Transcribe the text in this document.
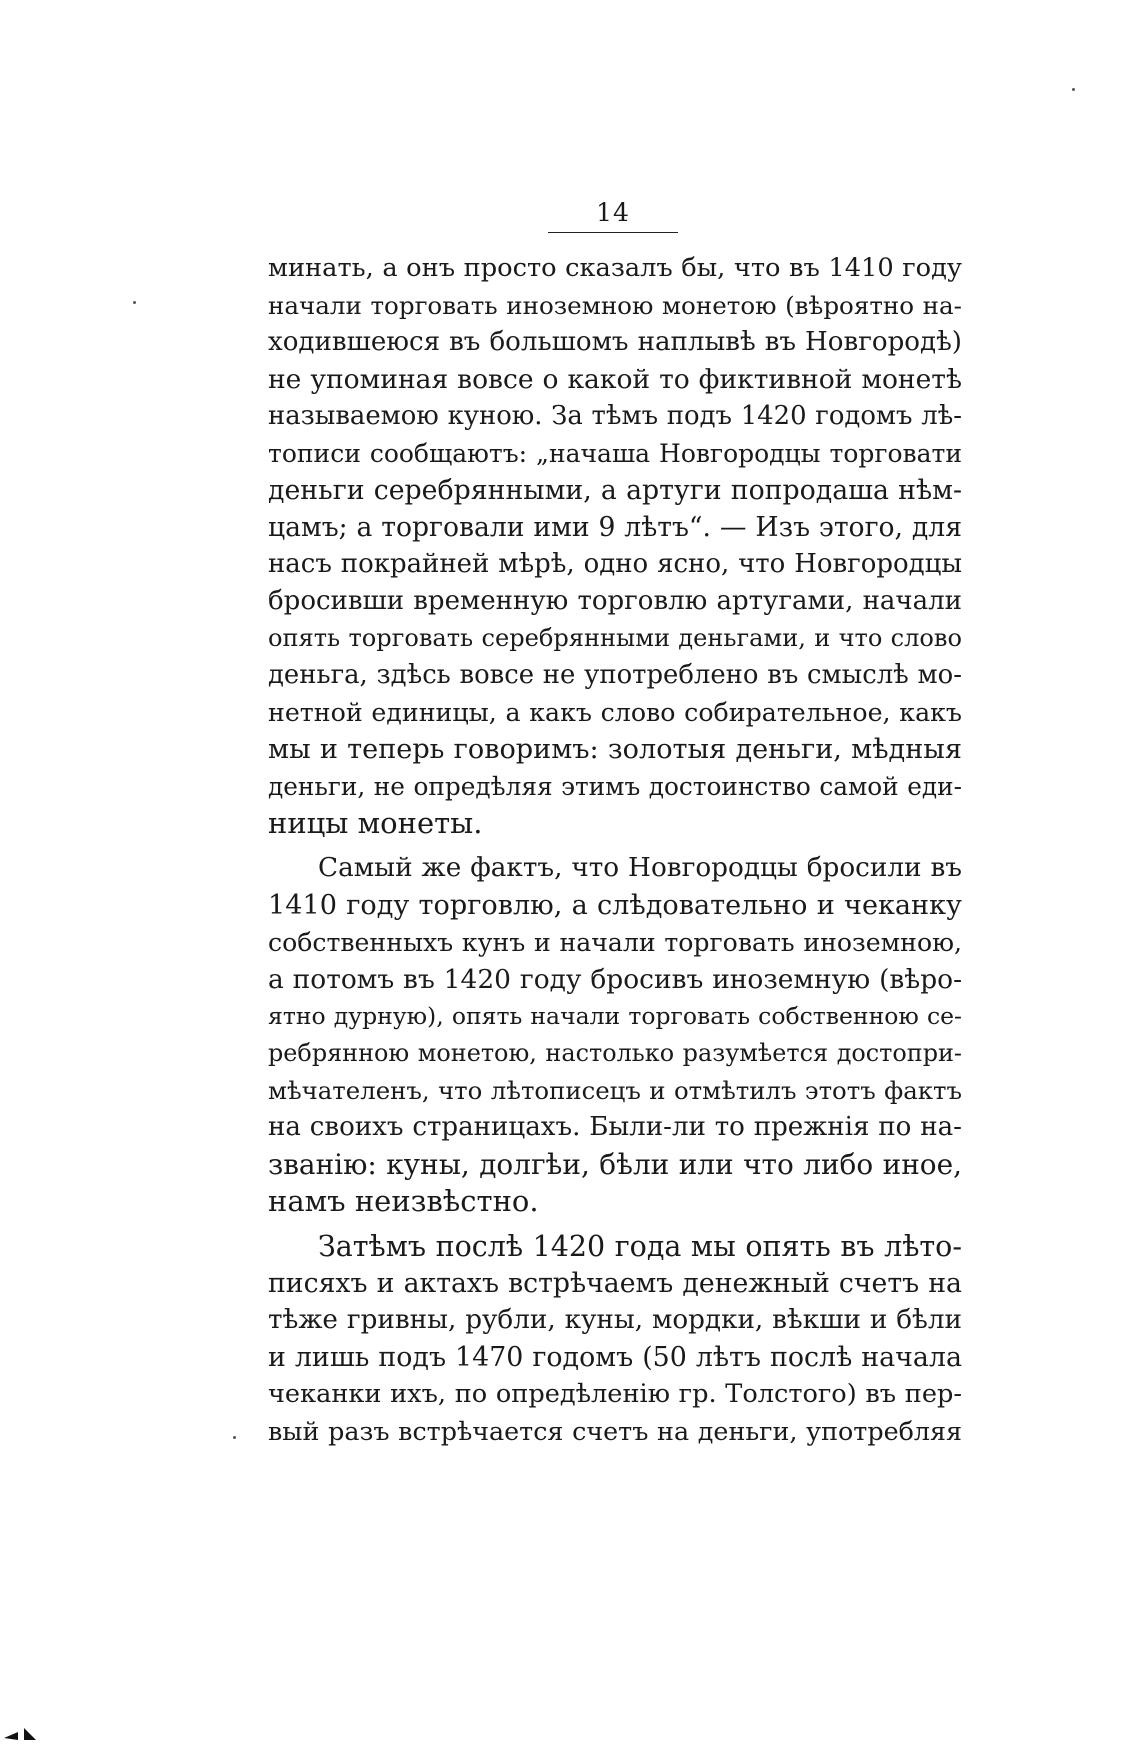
14
минать, а онъ просто сказалъ бы, что въ 1410 году
начали торговать иноземною монетою (вѣроятно на-
ходившеюся въ большомъ наплывѣ въ Новгородѣ)
не упоминая вовсе о какой то фиктивной монетѣ
называемою куною. За тѣмъ подъ 1420 годомъ лѣ-
тописи сообщаютъ: „начаша Новгородцы торговати
деньги серебрянными, а артуги попродаша нѣм-
цамъ; а торговали ими 9 лѣтъ“. — Изъ этого, для
насъ покрайней мѣрѣ, одно ясно, что Новгородцы
бросивши временную торговлю артугами, начали
опять торговать серебрянными деньгами, и что слово
деньга, здѣсь вовсе не употреблено въ смыслѣ мо-
нетной единицы, а какъ слово собирательное, какъ
мы и теперь говоримъ: золотыя деньги, мѣдныя
деньги, не опредѣляя этимъ достоинство самой еди-
ницы монеты.
Самый же фактъ, что Новгородцы бросили въ
1410 году торговлю, а слѣдовательно и чеканку
собственныхъ кунъ и начали торговать иноземною,
а потомъ въ 1420 году бросивъ иноземную (вѣро-
ятно дурную), опять начали торговать собственною се-
ребрянною монетою, настолько разумѣется достопри-
мѣчателенъ, что лѣтописецъ и отмѣтилъ этотъ фактъ
на своихъ страницахъ. Были-ли то прежнія по на-
званію: куны, долгѣи, бѣли или что либо иное,
намъ неизвѣстно.
Затѣмъ послѣ 1420 года мы опять въ лѣто-
писяхъ и актахъ встрѣчаемъ денежный счетъ на
тѣже гривны, рубли, куны, мордки, вѣкши и бѣли
и лишь подъ 1470 годомъ (50 лѣтъ послѣ начала
чеканки ихъ, по опредѣленію гр. Толстого) въ пер-
вый разъ встрѣчается счетъ на деньги, употребляя
